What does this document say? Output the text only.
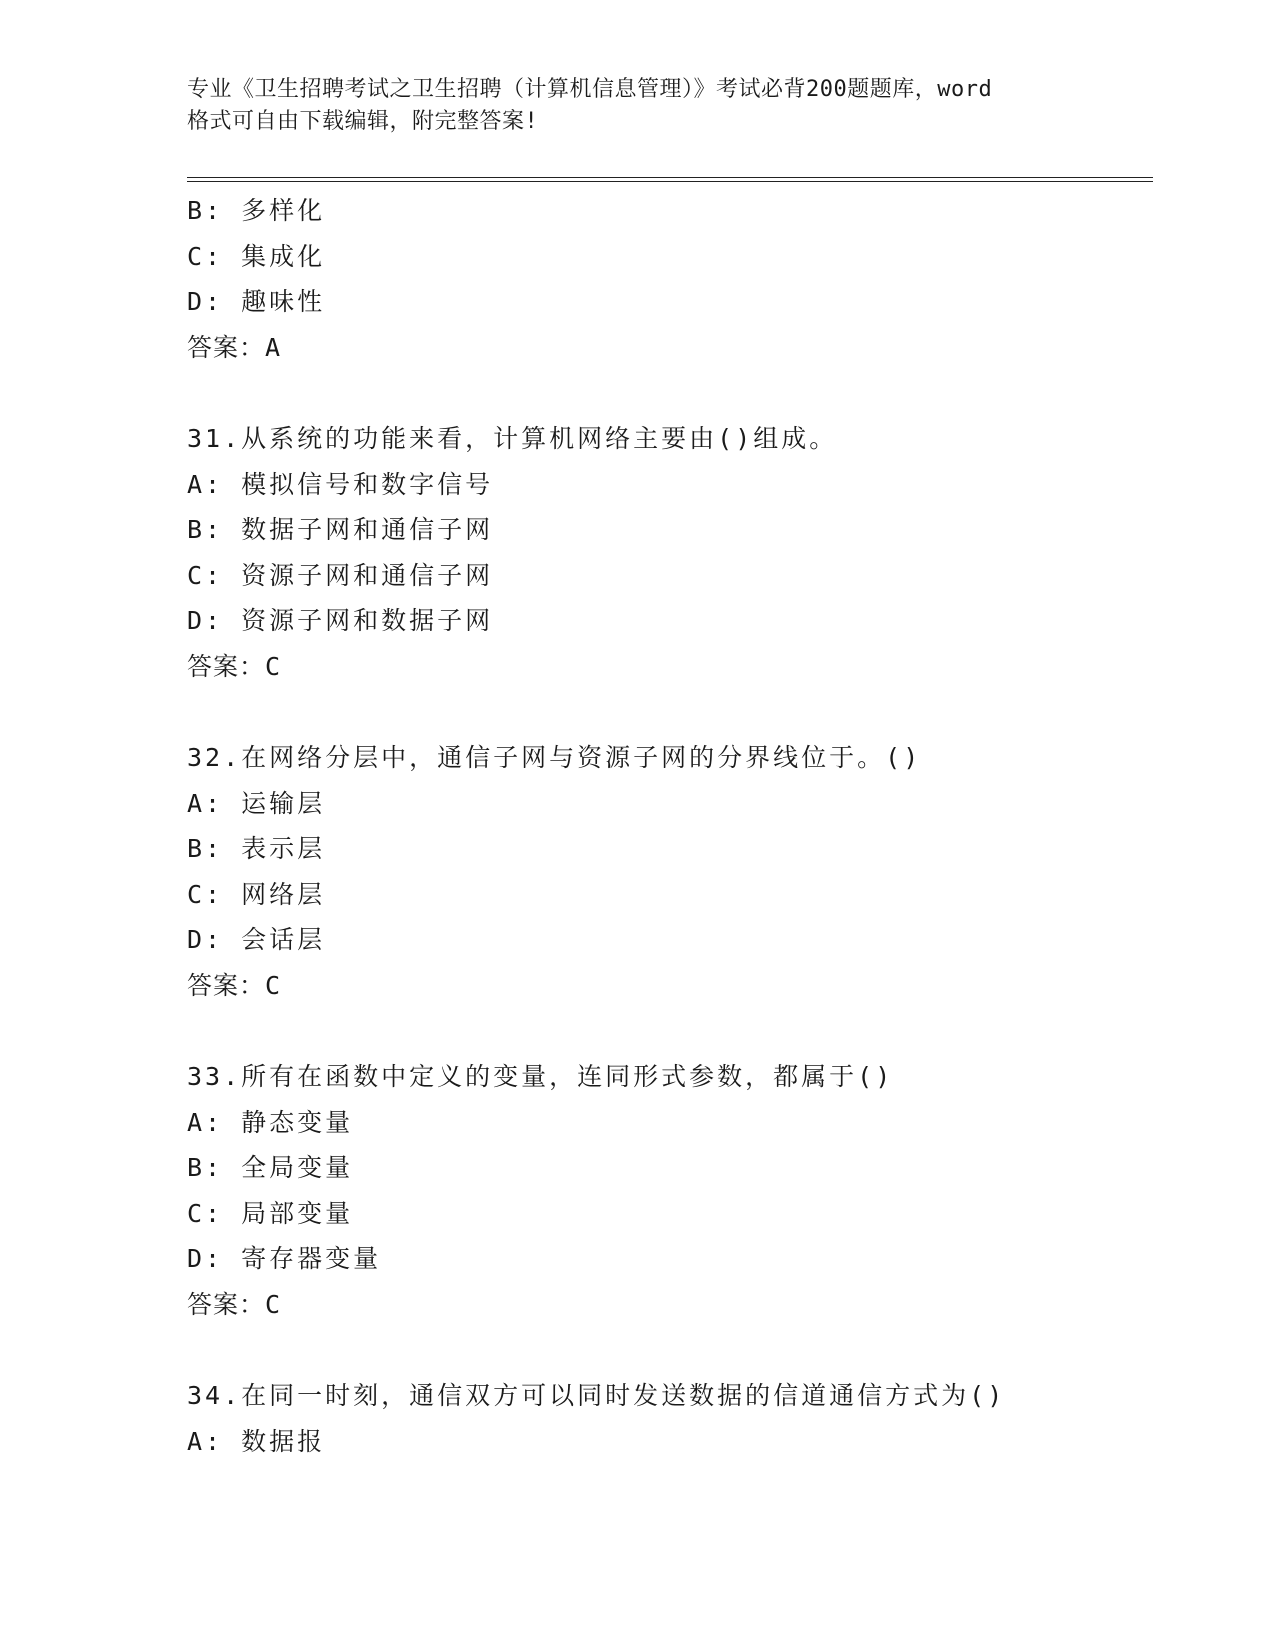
专业《卫生招聘考试之卫生招聘（计算机信息管理）》考试必背200题题库，word
格式可自由下载编辑，附完整答案!
B: 多样化
C: 集成化
D: 趣味性
答案：A
31.从系统的功能来看，计算机网络主要由()组成。
A: 模拟信号和数字信号
B: 数据子网和通信子网
C: 资源子网和通信子网
D: 资源子网和数据子网
答案：C
32.在网络分层中，通信子网与资源子网的分界线位于。()
A: 运输层
B: 表示层
C: 网络层
D: 会话层
答案：C
33.所有在函数中定义的变量，连同形式参数，都属于()
A: 静态变量
B: 全局变量
C: 局部变量
D: 寄存器变量
答案：C
34.在同一时刻，通信双方可以同时发送数据的信道通信方式为()
A: 数据报
